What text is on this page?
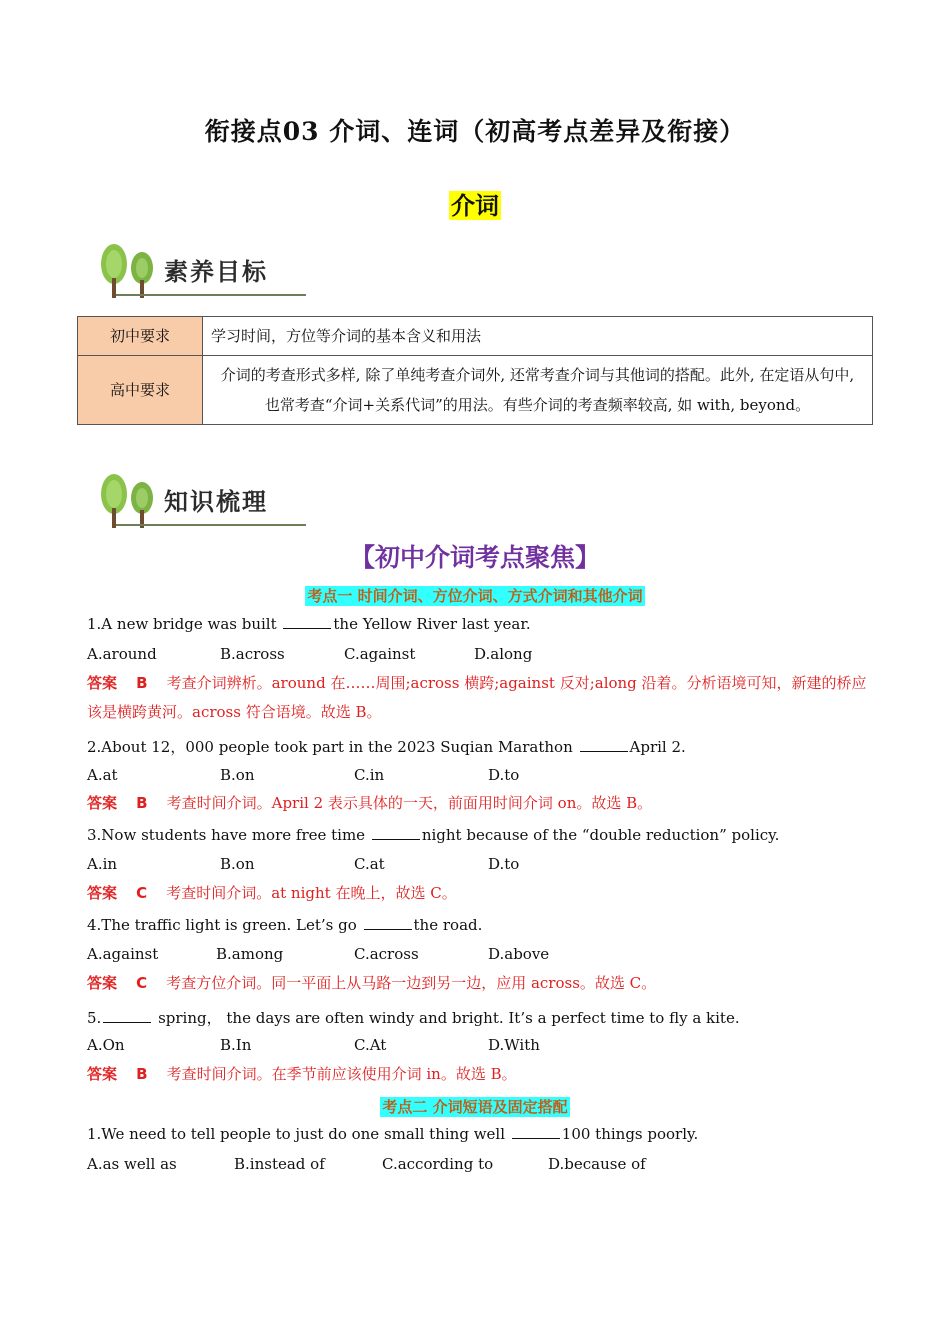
衔接点03 介词、连词（初高考点差异及衔接）
介词
素养目标
初中要求	学习时间，方位等介词的基本含义和用法
高中要求	介词的考查形式多样, 除了单纯考查介词外, 还常考查介词与其他词的搭配。此外, 在定语从句中, 也常考查“介词+关系代词”的用法。有些介词的考查频率较高, 如 with, beyond。
知识梳理
【初中介词考点聚焦】
考点一 时间介词、方位介词、方式介词和其他介词
1.A new bridge was built	the Yellow River last year.
A.around	B.across	C.against	D.along
答案 B 考查介词辨析。around 在……周围;across 横跨;against 反对;along 沿着。分析语境可知，新建的桥应该是横跨黄河。across 符合语境。故选 B。
2.About 12，000 people took part in the 2023 Suqian Marathon	April 2.
A.at	B.on	C.in	D.to
答案 B 考查时间介词。April 2 表示具体的一天，前面用时间介词 on。故选 B。
3.Now students have more free time	night because of the “double reduction” policy.
A.in	B.on	C.at	D.to
答案 C 考查时间介词。at night 在晚上，故选 C。
4.The traffic light is green. Let’s go	the road.
A.against	B.among	C.across	D.above
答案 C 考查方位介词。同一平面上从马路一边到另一边，应用 across。故选 C。
5.	spring， the days are often windy and bright. It’s a perfect time to fly a kite.
A.On	B.In	C.At	D.With
答案 B 考查时间介词。在季节前应该使用介词 in。故选 B。
考点二 介词短语及固定搭配
1.We need to tell people to just do one small thing well	100 things poorly.
A.as well as	B.instead of	C.according to	D.because of
